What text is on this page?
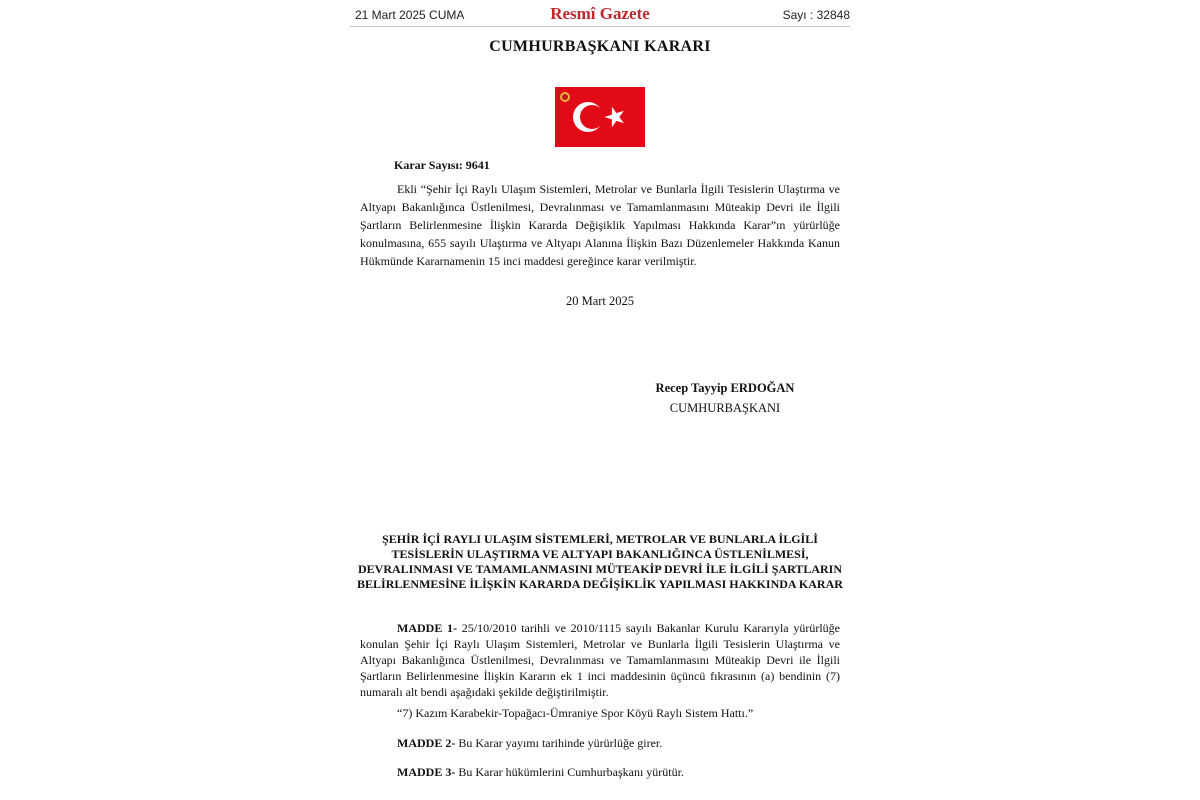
21 Mart 2025 CUMA	Resmî Gazete	Sayı : 32848
CUMHURBAŞKANI KARARI
Karar Sayısı: 9641

Ekli “Şehir İçi Raylı Ulaşım Sistemleri, Metrolar ve Bunlarla İlgili Tesislerin Ulaştırma ve Altyapı Bakanlığınca Üstlenilmesi, Devralınması ve Tamamlanmasını Müteakip Devri ile İlgili Şartların Belirlenmesine İlişkin Kararda Değişiklik Yapılması Hakkında Karar”ın yürürlüğe konulmasına, 655 sayılı Ulaştırma ve Altyapı Alanına İlişkin Bazı Düzenlemeler Hakkında Kanun Hükmünde Kararnamenin 15 inci maddesi gereğince karar verilmiştir.

20 Mart 2025
Recep Tayyip ERDOĞAN
CUMHURBAŞKANI
ŞEHİR İÇİ RAYLI ULAŞIM SİSTEMLERİ, METROLAR VE BUNLARLA İLGİLİ TESİSLERİN ULAŞTIRMA VE ALTYAPI BAKANLIĞINCA ÜSTLENİLMESİ, DEVRALINMASI VE TAMAMLANMASINI MÜTEAKİP DEVRİ İLE İLGİLİ ŞARTLARIN BELİRLENMESİNE İLİŞKİN KARARDA DEĞİŞİKLİK YAPILMASI HAKKINDA KARAR

MADDE 1- 25/10/2010 tarihli ve 2010/1115 sayılı Bakanlar Kurulu Kararıyla yürürlüğe konulan Şehir İçi Raylı Ulaşım Sistemleri, Metrolar ve Bunlarla İlgili Tesislerin Ulaştırma ve Altyapı Bakanlığınca Üstlenilmesi, Devralınması ve Tamamlanmasını Müteakip Devri ile İlgili Şartların Belirlenmesine İlişkin Kararın ek 1 inci maddesinin üçüncü fıkrasının (a) bendinin (7) numaralı alt bendi aşağıdaki şekilde değiştirilmiştir.

“7) Kazım Karabekir-Topağacı-Ümraniye Spor Köyü Raylı Sistem Hattı.”

MADDE 2- Bu Karar yayımı tarihinde yürürlüğe girer.

MADDE 3- Bu Karar hükümlerini Cumhurbaşkanı yürütür.
